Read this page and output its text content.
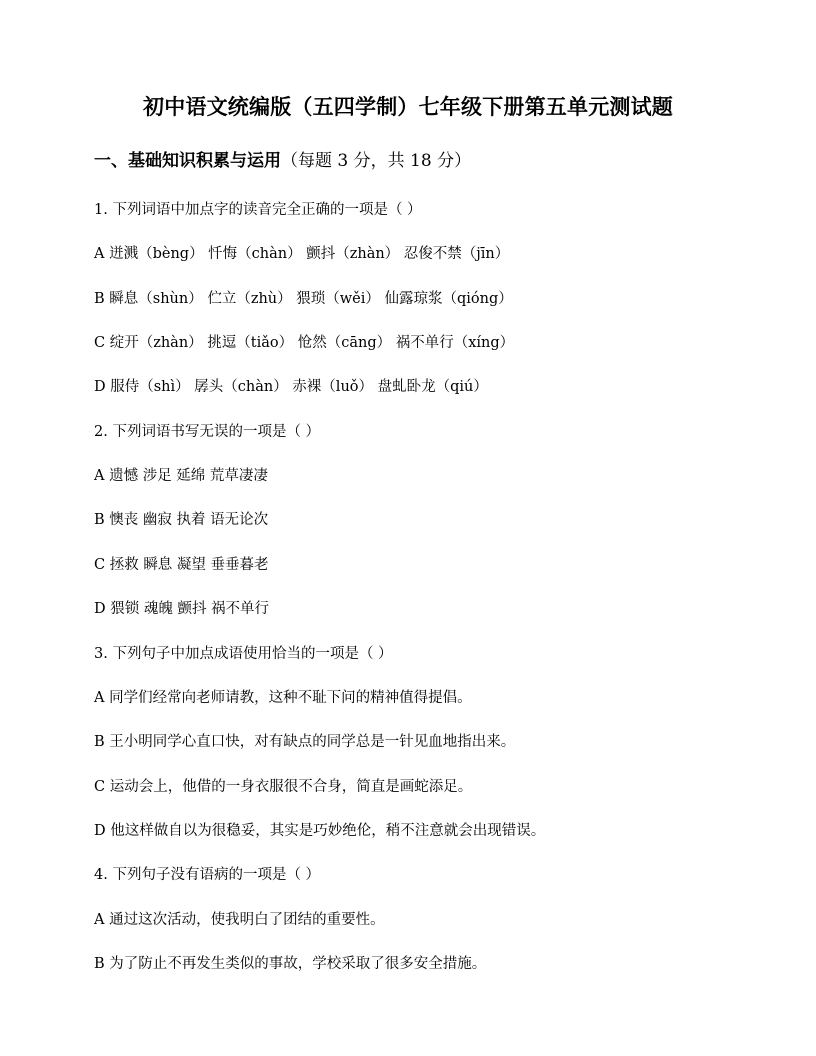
初中语文统编版（五四学制）七年级下册第五单元测试题
一、基础知识积累与运用（每题 3 分，共 18 分）
1. 下列词语中加点字的读音完全正确的一项是（ ）
A 迸溅（bèng） 忏悔（chàn） 颤抖（zhàn） 忍俊不禁（jīn）
B 瞬息（shùn） 伫立（zhù） 猥琐（wěi） 仙露琼浆（qióng）
C 绽开（zhàn） 挑逗（tiǎo） 怆然（cāng） 祸不单行（xíng）
D 服侍（shì） 孱头（chàn） 赤裸（luǒ） 盘虬卧龙（qiú）
2. 下列词语书写无误的一项是（ ）
A 遗憾 涉足 延绵 荒草凄凄
B 懊丧 幽寂 执着 语无论次
C 拯救 瞬息 凝望 垂垂暮老
D 猥锁 魂魄 颤抖 祸不单行
3. 下列句子中加点成语使用恰当的一项是（ ）
A 同学们经常向老师请教，这种不耻下问的精神值得提倡。
B 王小明同学心直口快，对有缺点的同学总是一针见血地指出来。
C 运动会上，他借的一身衣服很不合身，简直是画蛇添足。
D 他这样做自以为很稳妥，其实是巧妙绝伦，稍不注意就会出现错误。
4. 下列句子没有语病的一项是（ ）
A 通过这次活动，使我明白了团结的重要性。
B 为了防止不再发生类似的事故，学校采取了很多安全措施。
